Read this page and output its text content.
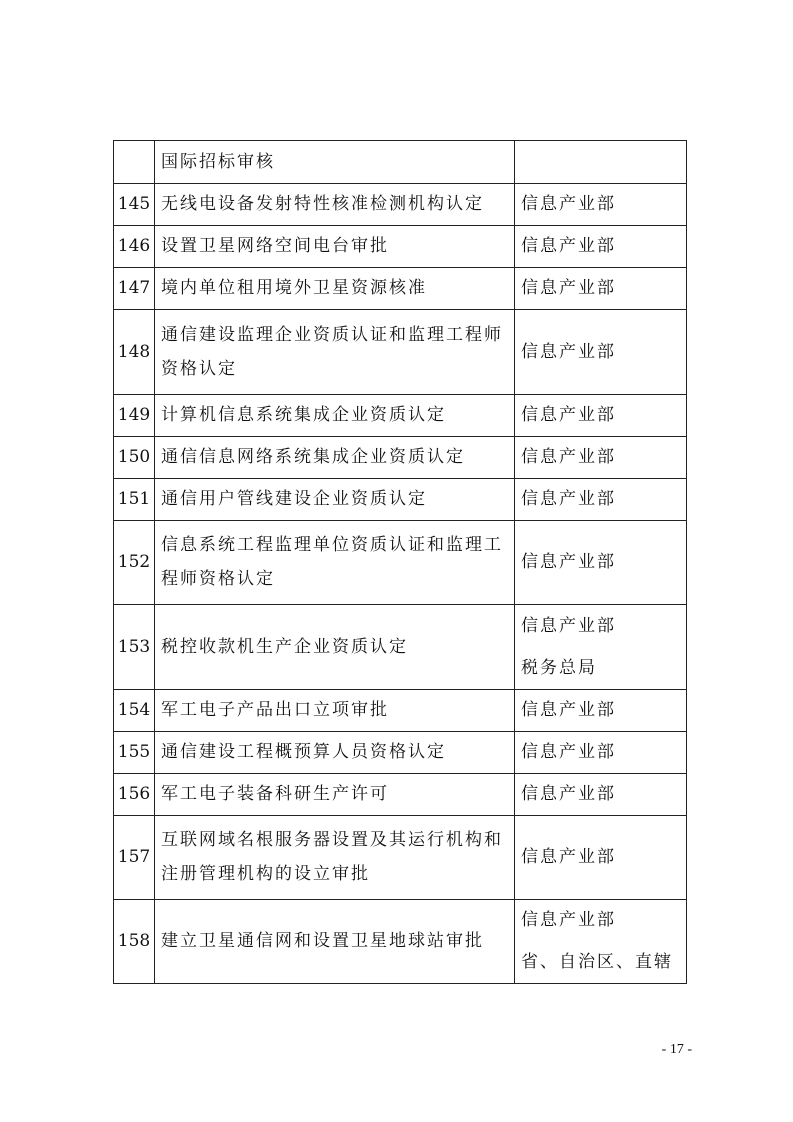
	国际招标审核	

145	无线电设备发射特性核准检测机构认定	信息产业部

146	设置卫星网络空间电台审批	信息产业部

147	境内单位租用境外卫星资源核准	信息产业部

148	通信建设监理企业资质认证和监理工程师
资格认定	信息产业部

149	计算机信息系统集成企业资质认定	信息产业部

150	通信信息网络系统集成企业资质认定	信息产业部

151	通信用户管线建设企业资质认定	信息产业部

152	信息系统工程监理单位资质认证和监理工
程师资格认定	信息产业部

153	税控收款机生产企业资质认定	信息产业部
税务总局

154	军工电子产品出口立项审批	信息产业部

155	通信建设工程概预算人员资格认定	信息产业部

156	军工电子装备科研生产许可	信息产业部

157	互联网域名根服务器设置及其运行机构和
注册管理机构的设立审批	信息产业部

158	建立卫星通信网和设置卫星地球站审批	信息产业部
省、自治区、直辖
- 17 -
